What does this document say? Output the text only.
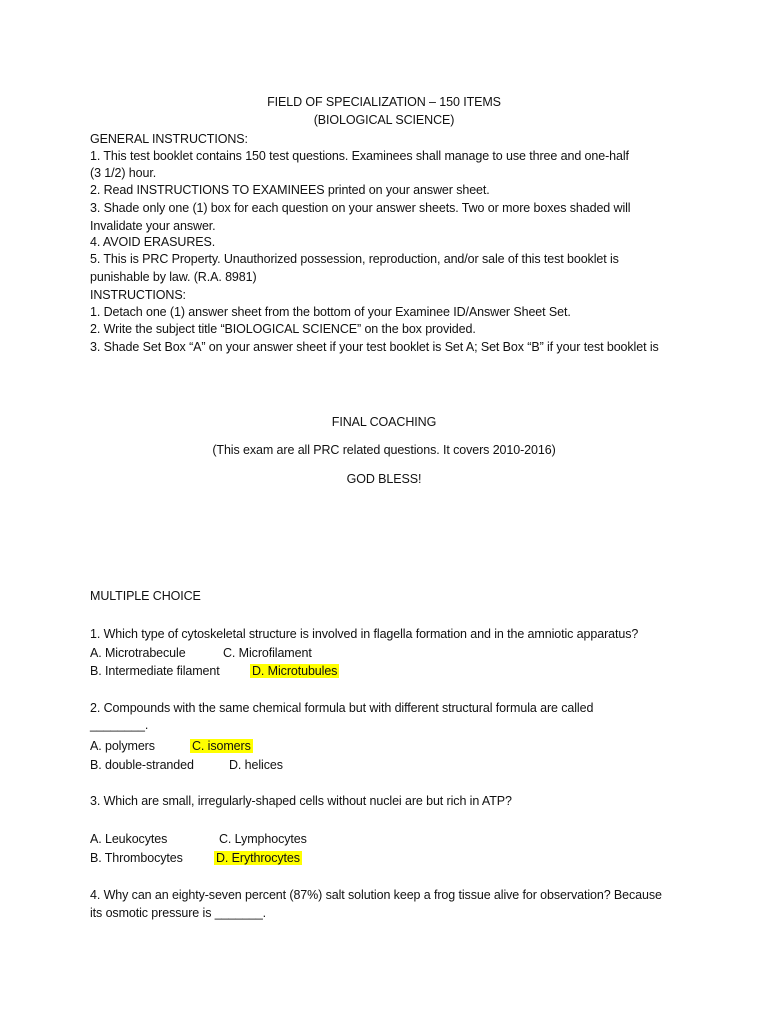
FIELD OF SPECIALIZATION – 150 ITEMS
(BIOLOGICAL SCIENCE)
GENERAL INSTRUCTIONS:
1. This test booklet contains 150 test questions. Examinees shall manage to use three and one-half
(3 1/2) hour.
2. Read INSTRUCTIONS TO EXAMINEES printed on your answer sheet.
3. Shade only one (1) box for each question on your answer sheets. Two or more boxes shaded will
Invalidate your answer.
4. AVOID ERASURES.
5. This is PRC Property. Unauthorized possession, reproduction, and/or sale of this test booklet is
punishable by law. (R.A. 8981)
INSTRUCTIONS:
1. Detach one (1) answer sheet from the bottom of your Examinee ID/Answer Sheet Set.
2. Write the subject title “BIOLOGICAL SCIENCE” on the box provided.
3. Shade Set Box “A” on your answer sheet if your test booklet is Set A; Set Box “B” if your test booklet is
FINAL COACHING
(This exam are all PRC related questions. It covers 2010-2016)
GOD BLESS!
MULTIPLE CHOICE
1. Which type of cytoskeletal structure is involved in flagella formation and in the amniotic apparatus?
A. Microtrabecule	C. Microfilament
B. Intermediate filament	D. Microtubules
2. Compounds with the same chemical formula but with different structural formula are called
________.
A. polymers	C. isomers
B. double-stranded	D. helices
3. Which are small, irregularly-shaped cells without nuclei are but rich in ATP?
A. Leukocytes	C. Lymphocytes
B. Thrombocytes	D. Erythrocytes
4. Why can an eighty-seven percent (87%) salt solution keep a frog tissue alive for observation? Because
its osmotic pressure is _______.
